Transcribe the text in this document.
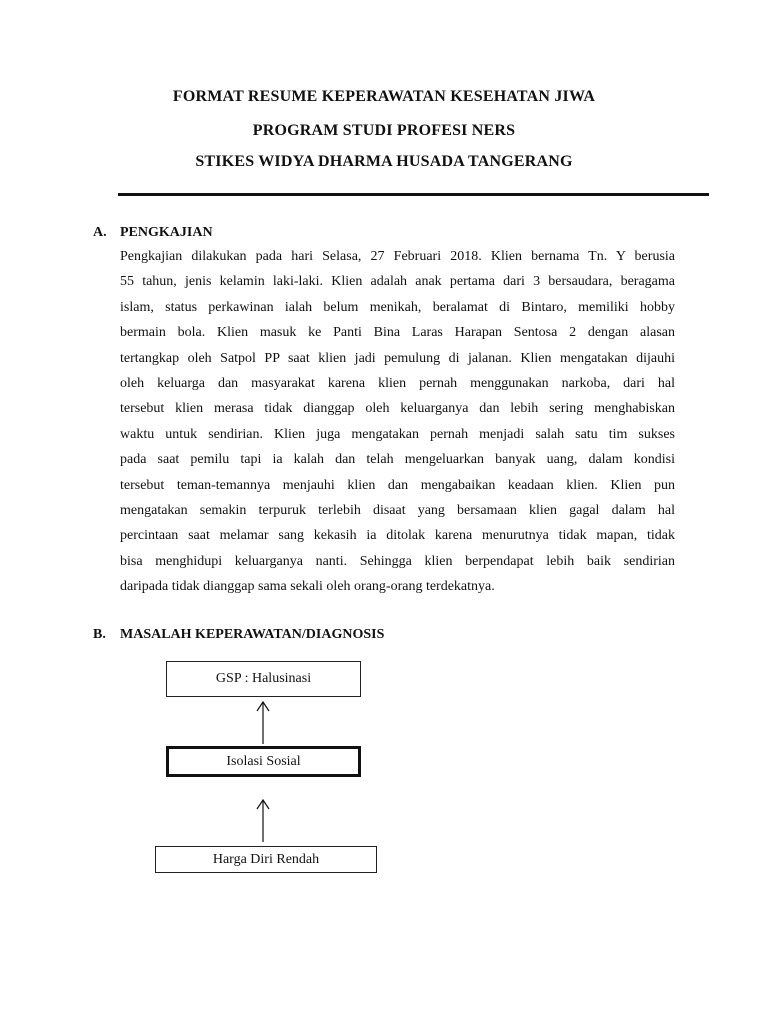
FORMAT RESUME KEPERAWATAN KESEHATAN JIWA
PROGRAM STUDI PROFESI NERS
STIKES WIDYA DHARMA HUSADA TANGERANG
A. PENGKAJIAN
Pengkajian dilakukan pada hari Selasa, 27 Februari 2018. Klien bernama Tn. Y berusia
55 tahun, jenis kelamin laki-laki. Klien adalah anak pertama dari 3 bersaudara, beragama
islam, status perkawinan ialah belum menikah, beralamat di Bintaro, memiliki hobby
bermain bola. Klien masuk ke Panti Bina Laras Harapan Sentosa 2 dengan alasan
tertangkap oleh Satpol PP saat klien jadi pemulung di jalanan. Klien mengatakan dijauhi
oleh keluarga dan masyarakat karena klien pernah menggunakan narkoba, dari hal
tersebut klien merasa tidak dianggap oleh keluarganya dan lebih sering menghabiskan
waktu untuk sendirian. Klien juga mengatakan pernah menjadi salah satu tim sukses
pada saat pemilu tapi ia kalah dan telah mengeluarkan banyak uang, dalam kondisi
tersebut teman-temannya menjauhi klien dan mengabaikan keadaan klien. Klien pun
mengatakan semakin terpuruk terlebih disaat yang bersamaan klien gagal dalam hal
percintaan saat melamar sang kekasih ia ditolak karena menurutnya tidak mapan, tidak
bisa menghidupi keluarganya nanti. Sehingga klien berpendapat lebih baik sendirian
daripada tidak dianggap sama sekali oleh orang-orang terdekatnya.
B. MASALAH KEPERAWATAN/DIAGNOSIS
GSP : Halusinasi
Isolasi Sosial
Harga Diri Rendah
